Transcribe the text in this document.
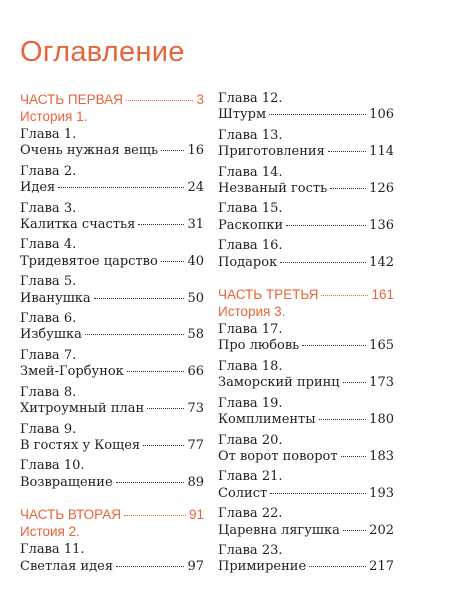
Оглавление
ЧАСТЬ ПЕРВАЯ	3
История 1.
Глава 1.
Очень нужная вещь 16
Глава 2.
Идея	24
Глава 3.
Калитка счастья	31
Глава 4.
Тридевятое царство 40
Глава 5.
Иванушка	50
Глава 6.
Избушка	58
Глава 7.
Змей-Горбунок	66
Глава 8.
Хитроумный план	73
Глава 9.
В гостях у Кощея	77
Глава 10.
Возвращение	89
ЧАСТЬ ВТОРАЯ	91
Истоия 2.
Глава 11.
Светлая идея	97
Глава 12.
Штурм	106
Глава 13.
Приготовления	114
Глава 14.
Незваный гость	126
Глава 15.
Раскопки	136
Глава 16.
Подарок	142
ЧАСТЬ ТРЕТЬЯ	161
История 3.
Глава 17.
Про любовь	165
Глава 18.
Заморский принц 173
Глава 19.
Комплименты	180
Глава 20.
От ворот поворот 183
Глава 21.
Солист	193
Глава 22.
Царевна лягушка 202
Глава 23.
Примирение	217
